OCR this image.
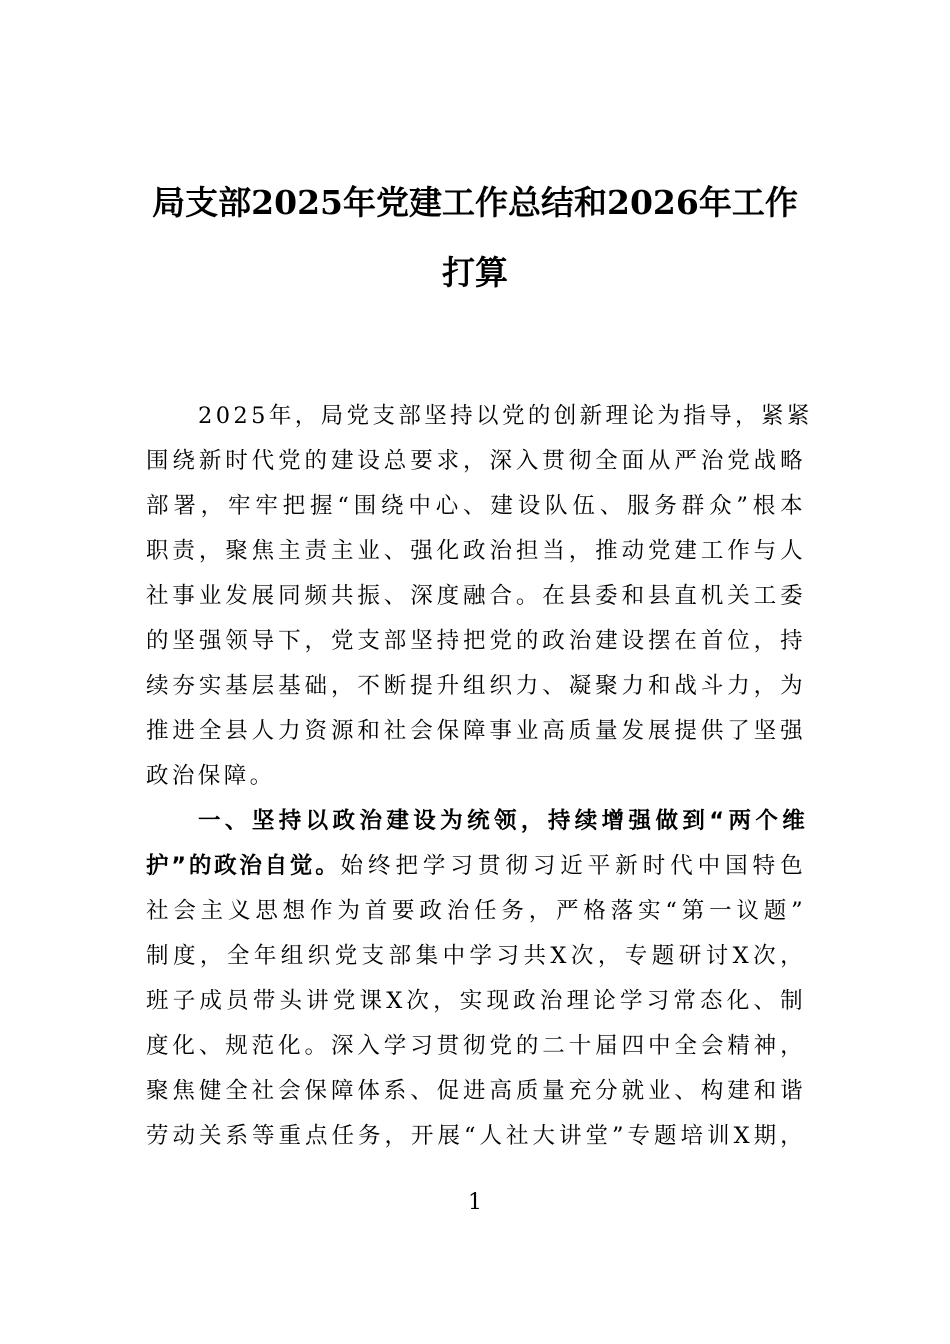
局支部2025年党建工作总结和2026年工作
打算
2025年，局党支部坚持以党的创新理论为指导，紧紧
围绕新时代党的建设总要求，深入贯彻全面从严治党战略
部署，牢牢把握“围绕中心、建设队伍、服务群众”根本
职责，聚焦主责主业、强化政治担当，推动党建工作与人
社事业发展同频共振、深度融合。在县委和县直机关工委
的坚强领导下，党支部坚持把党的政治建设摆在首位，持
续夯实基层基础，不断提升组织力、凝聚力和战斗力，为
推进全县人力资源和社会保障事业高质量发展提供了坚强
政治保障。
一、坚持以政治建设为统领，持续增强做到“两个维
护”的政治自觉。始终把学习贯彻习近平新时代中国特色
社会主义思想作为首要政治任务，严格落实“第一议题”
制度，全年组织党支部集中学习共X次，专题研讨X次，
班子成员带头讲党课X次，实现政治理论学习常态化、制
度化、规范化。深入学习贯彻党的二十届四中全会精神，
聚焦健全社会保障体系、促进高质量充分就业、构建和谐
劳动关系等重点任务，开展“人社大讲堂”专题培训X期，
1
